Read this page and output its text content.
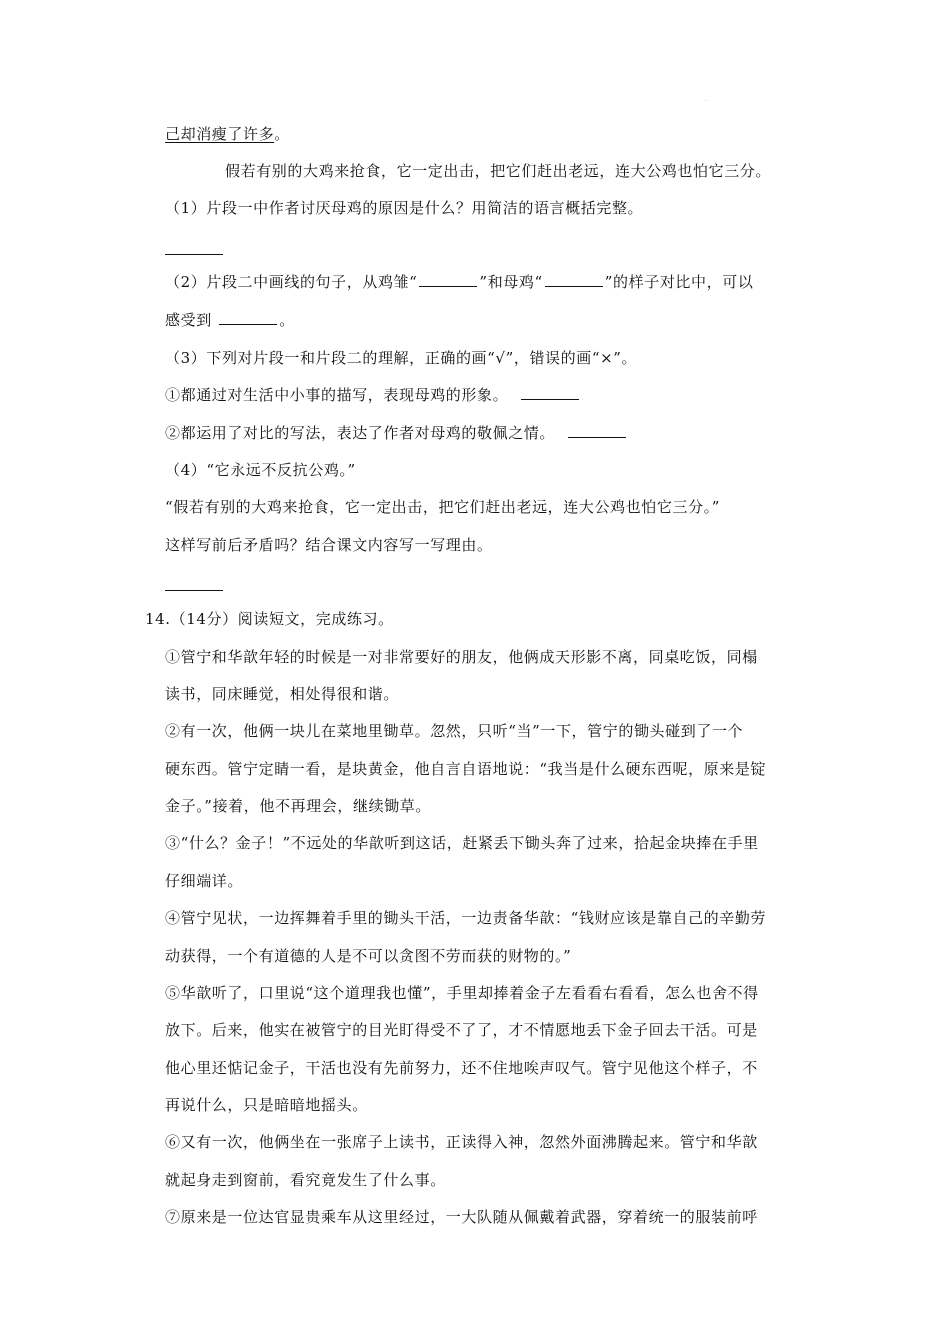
.
己却消瘦了许多。
假若有别的大鸡来抢食，它一定出击，把它们赶出老远，连大公鸡也怕它三分。
（1）片段一中作者讨厌母鸡的原因是什么？用简洁的语言概括完整。
（2）片段二中画线的句子，从鸡雏“	”和母鸡“	”的样子对比中，可以
感受到	。
（3）下列对片段一和片段二的理解，正确的画“√”，错误的画“×”。
①都通过对生活中小事的描写，表现母鸡的形象。
②都运用了对比的写法，表达了作者对母鸡的敬佩之情。
（4）“它永远不反抗公鸡。”
“假若有别的大鸡来抢食，它一定出击，把它们赶出老远，连大公鸡也怕它三分。”
这样写前后矛盾吗？结合课文内容写一写理由。
14.（14分）阅读短文，完成练习。
①管宁和华歆年轻的时候是一对非常要好的朋友，他俩成天形影不离，同桌吃饭，同榻
读书，同床睡觉，相处得很和谐。
②有一次，他俩一块儿在菜地里锄草。忽然，只听“当”一下，管宁的锄头碰到了一个
硬东西。管宁定睛一看，是块黄金，他自言自语地说：“我当是什么硬东西呢，原来是锭
金子。”接着，他不再理会，继续锄草。
③“什么？金子！”不远处的华歆听到这话，赶紧丢下锄头奔了过来，拾起金块捧在手里
仔细端详。
④管宁见状，一边挥舞着手里的锄头干活，一边责备华歆：“钱财应该是靠自己的辛勤劳
动获得，一个有道德的人是不可以贪图不劳而获的财物的。”
⑤华歆听了，口里说“这个道理我也懂”，手里却捧着金子左看看右看看，怎么也舍不得
放下。后来，他实在被管宁的目光盯得受不了了，才不情愿地丢下金子回去干活。可是
他心里还惦记金子，干活也没有先前努力，还不住地唉声叹气。管宁见他这个样子，不
再说什么，只是暗暗地摇头。
⑥又有一次，他俩坐在一张席子上读书，正读得入神，忽然外面沸腾起来。管宁和华歆
就起身走到窗前，看究竟发生了什么事。
⑦原来是一位达官显贵乘车从这里经过，一大队随从佩戴着武器，穿着统一的服装前呼
